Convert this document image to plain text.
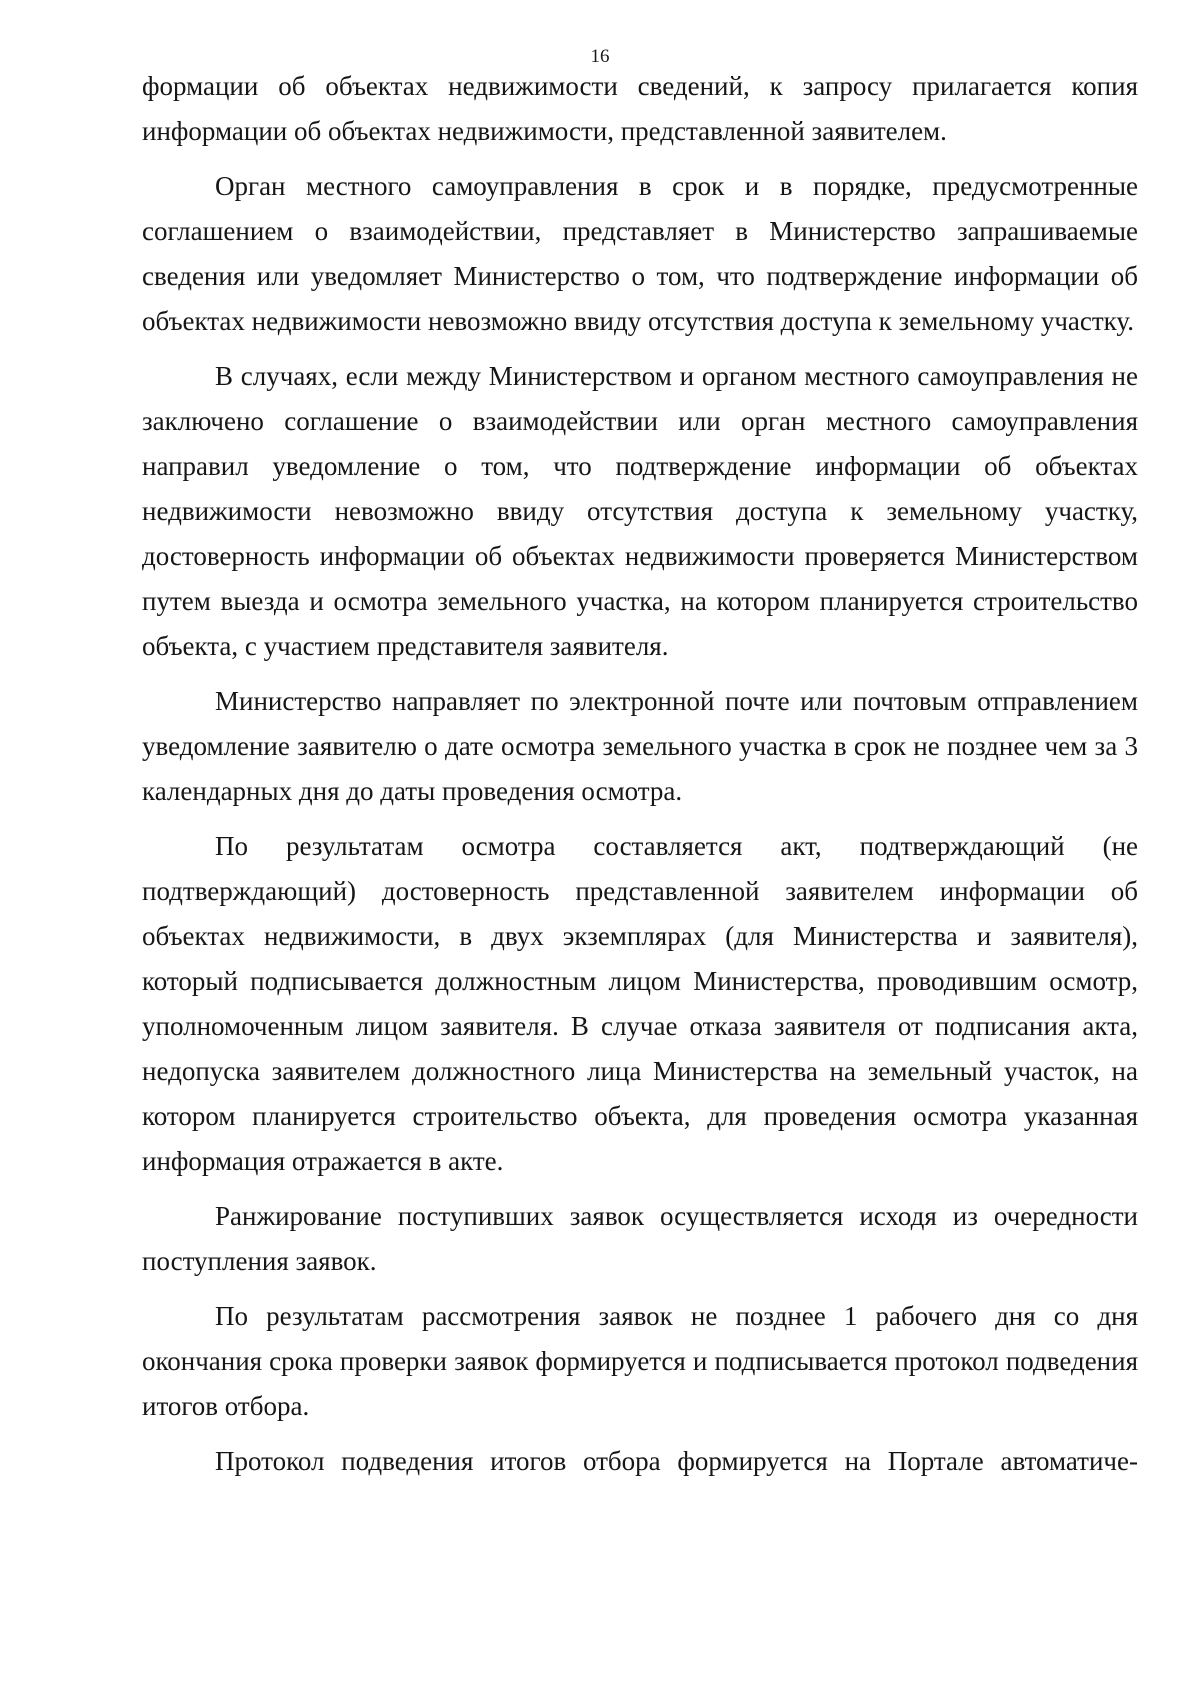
16

формации об объектах недвижимости сведений, к запросу прилагается копия информации об объектах недвижимости, представленной заявителем.

Орган местного самоуправления в срок и в порядке, предусмотренные соглашением о взаимодействии, представляет в Министерство запрашиваемые сведения или уведомляет Министерство о том, что подтверждение информации об объектах недвижимости невозможно ввиду отсутствия доступа к земельному участку.

В случаях, если между Министерством и органом местного самоуправления не заключено соглашение о взаимодействии или орган местного самоуправления направил уведомление о том, что подтверждение информации об объектах недвижимости невозможно ввиду отсутствия доступа к земельному участку, достоверность информации об объектах недвижимости проверяется Министерством путем выезда и осмотра земельного участка, на котором планируется строительство объекта, с участием представителя заявителя.

Министерство направляет по электронной почте или почтовым отправлением уведомление заявителю о дате осмотра земельного участка в срок не позднее чем за 3 календарных дня до даты проведения осмотра.

По результатам осмотра составляется акт, подтверждающий (не подтверждающий) достоверность представленной заявителем информации об объектах недвижимости, в двух экземплярах (для Министерства и заявителя), который подписывается должностным лицом Министерства, проводившим осмотр, уполномоченным лицом заявителя. В случае отказа заявителя от подписания акта, недопуска заявителем должностного лица Министерства на земельный участок, на котором планируется строительство объекта, для проведения осмотра указанная информация отражается в акте.

Ранжирование поступивших заявок осуществляется исходя из очередности поступления заявок.

По результатам рассмотрения заявок не позднее 1 рабочего дня со дня окончания срока проверки заявок формируется и подписывается протокол подведения итогов отбора.

Протокол подведения итогов отбора формируется на Портале автоматиче-
